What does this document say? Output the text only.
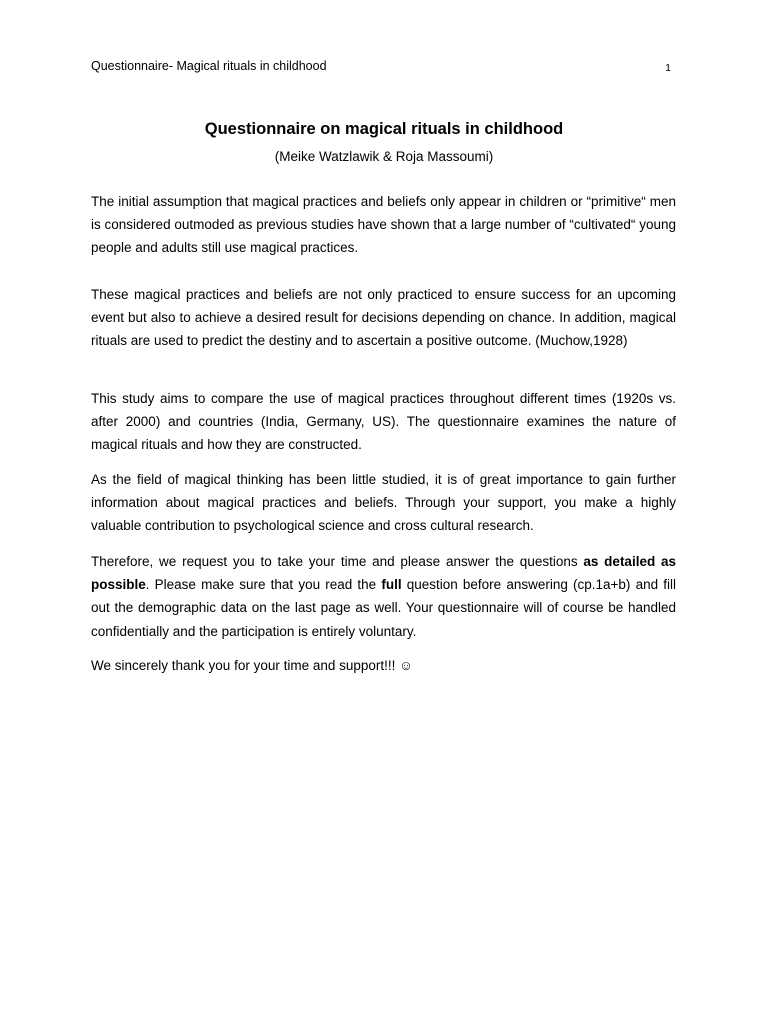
Questionnaire- Magical rituals in childhood	1
Questionnaire on magical rituals in childhood

(Meike Watzlawik & Roja Massoumi)

The initial assumption that magical practices and beliefs only appear in children or “primitive“ men is considered outmoded as previous studies have shown that a large number of “cultivated“ young people and adults still use magical practices.

These magical practices and beliefs are not only practiced to ensure success for an upcoming event but also to achieve a desired result for decisions depending on chance. In addition, magical rituals are used to predict the destiny and to ascertain a positive outcome. (Muchow,1928)

This study aims to compare the use of magical practices throughout different times (1920s vs. after 2000) and countries (India, Germany, US). The questionnaire examines the nature of magical rituals and how they are constructed.

As the field of magical thinking has been little studied, it is of great importance to gain further information about magical practices and beliefs. Through your support, you make a highly valuable contribution to psychological science and cross cultural research.

Therefore, we request you to take your time and please answer the questions as detailed as possible. Please make sure that you read the full question before answering (cp.1a+b) and fill out the demographic data on the last page as well. Your questionnaire will of course be handled confidentially and the participation is entirely voluntary.

We sincerely thank you for your time and support!!! ☺
